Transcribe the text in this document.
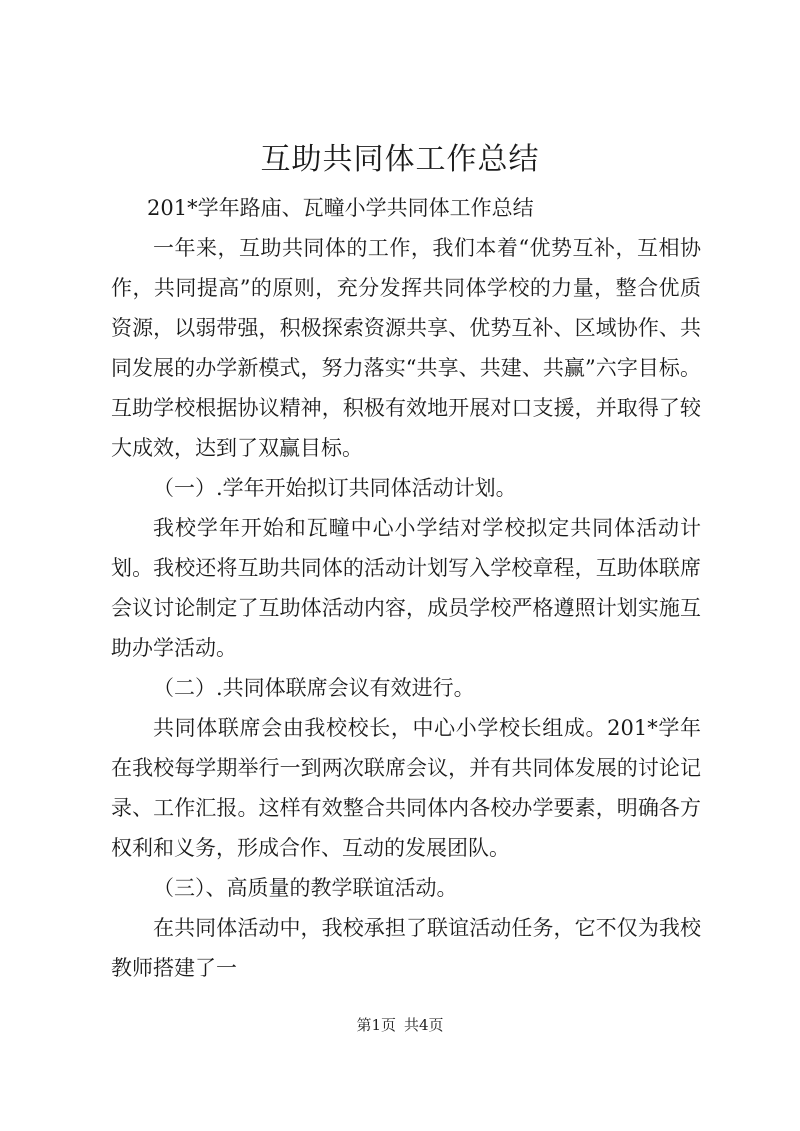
互助共同体工作总结

201*学年路庙、瓦疃小学共同体工作总结

一年来，互助共同体的工作，我们本着“优势互补，互相协作，共同提高”的原则，充分发挥共同体学校的力量，整合优质资源，以弱带强，积极探索资源共享、优势互补、区域协作、共同发展的办学新模式，努力落实“共享、共建、共赢”六字目标。互助学校根据协议精神，积极有效地开展对口支援，并取得了较大成效，达到了双赢目标。

（一）.学年开始拟订共同体活动计划。

我校学年开始和瓦疃中心小学结对学校拟定共同体活动计划。我校还将互助共同体的活动计划写入学校章程，互助体联席会议讨论制定了互助体活动内容，成员学校严格遵照计划实施互助办学活动。

（二）.共同体联席会议有效进行。

共同体联席会由我校校长，中心小学校长组成。201*学年在我校每学期举行一到两次联席会议，并有共同体发展的讨论记录、工作汇报。这样有效整合共同体内各校办学要素，明确各方权利和义务，形成合作、互动的发展团队。

（三）、高质量的教学联谊活动。

在共同体活动中，我校承担了联谊活动任务，它不仅为我校教师搭建了一

第1页 共4页
